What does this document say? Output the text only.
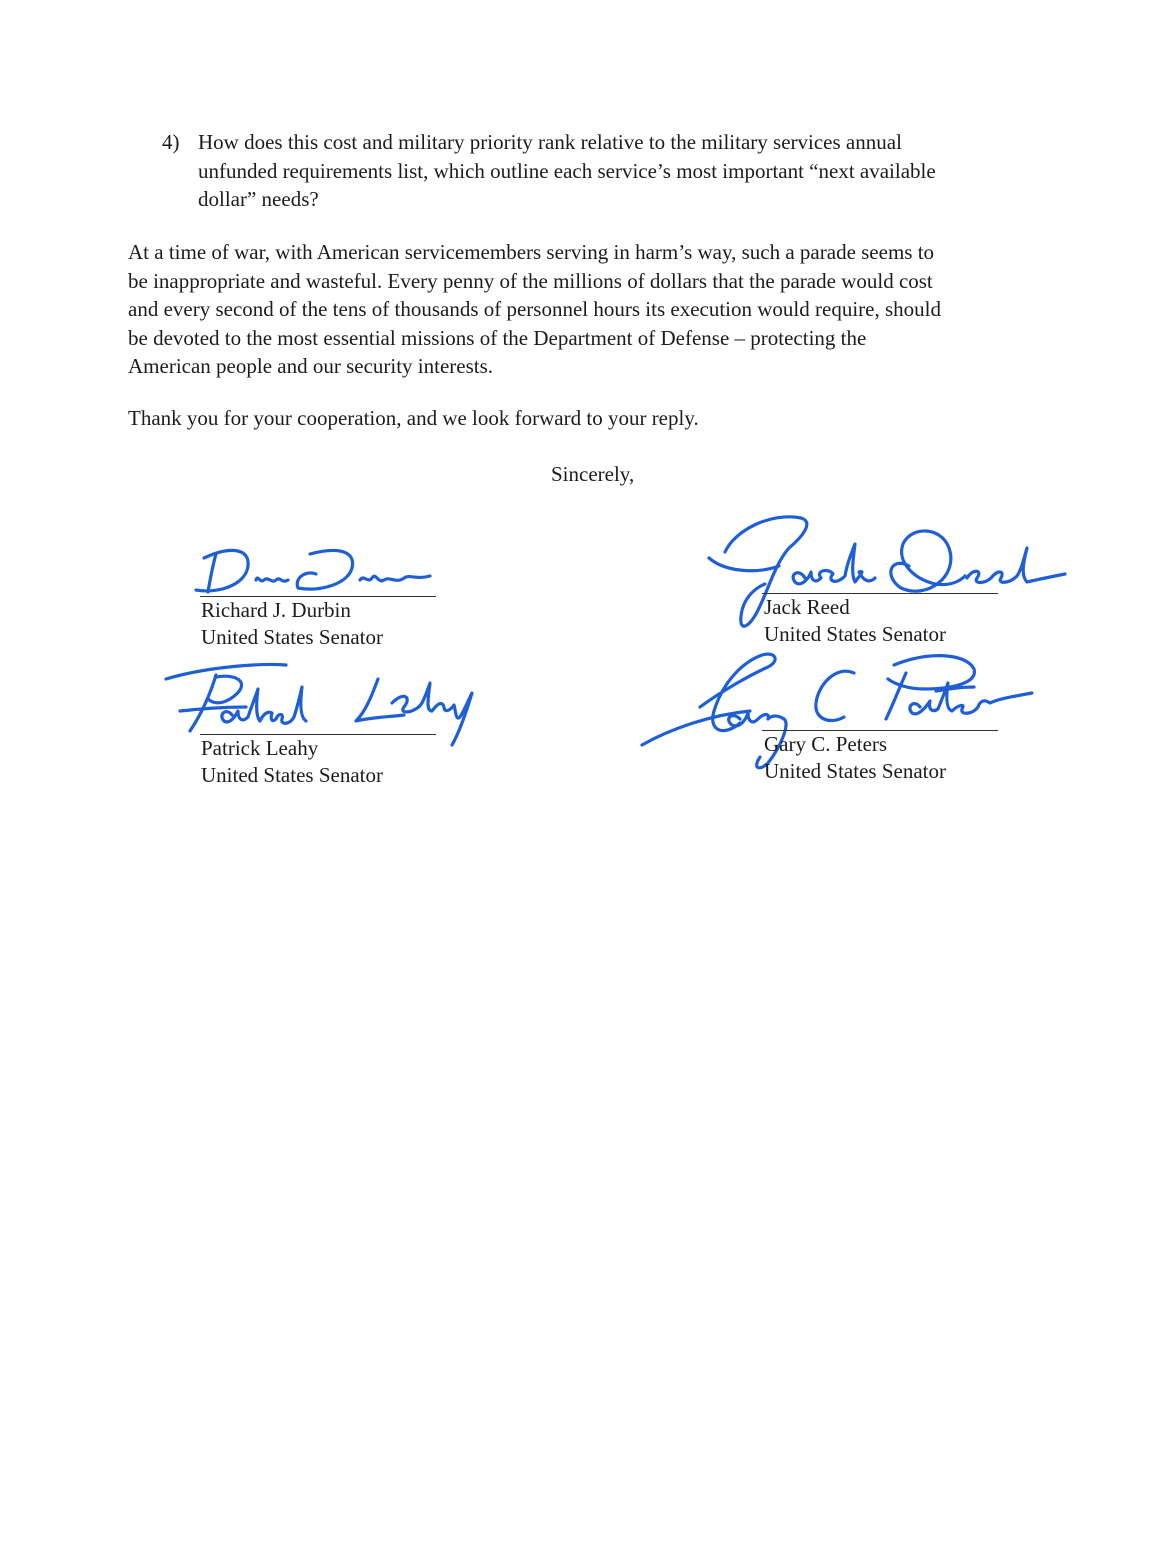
4) How does this cost and military priority rank relative to the military services annual
unfunded requirements list, which outline each service’s most important “next available
dollar” needs?
At a time of war, with American servicemembers serving in harm’s way, such a parade seems to
be inappropriate and wasteful. Every penny of the millions of dollars that the parade would cost
and every second of the tens of thousands of personnel hours its execution would require, should
be devoted to the most essential missions of the Department of Defense – protecting the
American people and our security interests.

Thank you for your cooperation, and we look forward to your reply.

Sincerely,

Richard J. Durbin
United States Senator
Jack Reed
United States Senator
Patrick Leahy
United States Senator
Gary C. Peters
United States Senator
